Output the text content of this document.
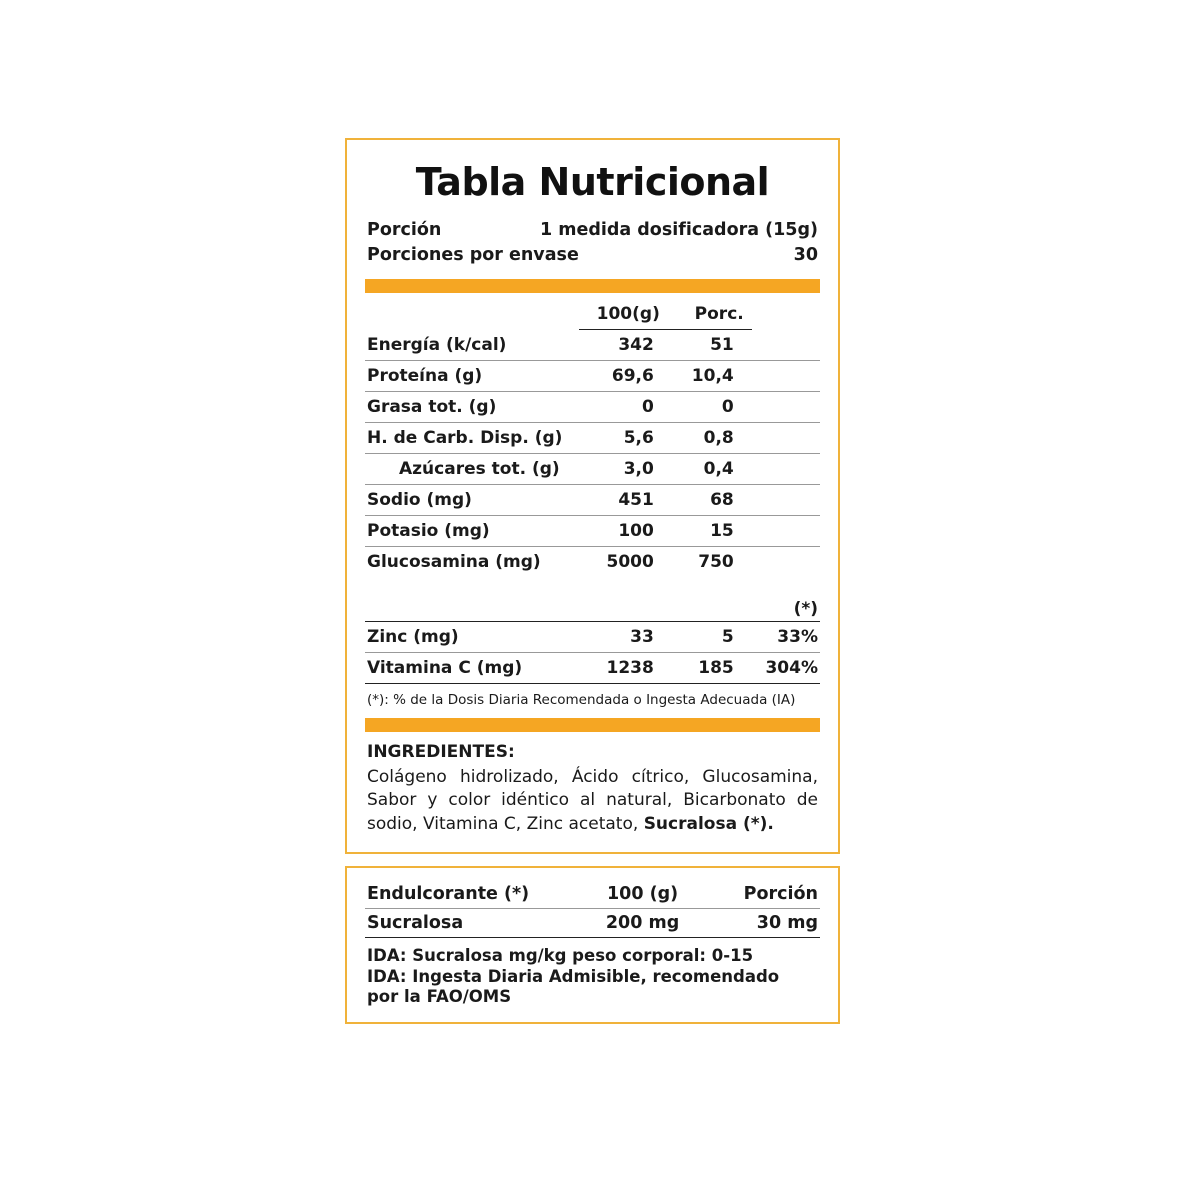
Tabla Nutricional
Porción	1 medida dosificadora (15g)
Porciones por envase	30
	100(g)	Porc.	
Energía (k/cal)	342	51	
Proteína (g)	69,6	10,4	
Grasa tot. (g)	0	0	
H. de Carb. Disp. (g)	5,6	0,8	
Azúcares tot. (g)	3,0	0,4	
Sodio (mg)	451	68	
Potasio (mg)	100	15	
Glucosamina (mg)	5000	750	

			(*)
Zinc (mg)	33	5	33%
Vitamina C (mg)	1238	185	304%
(*): % de la Dosis Diaria Recomendada o Ingesta Adecuada (IA)
INGREDIENTES:
Colágeno hidrolizado, Ácido cítrico, Glucosamina, Sabor y color idéntico al natural, Bicarbonato de sodio, Vitamina C, Zinc acetato, Sucralosa (*).
Endulcorante (*)	100 (g)	Porción
Sucralosa	200 mg	30 mg
IDA: Sucralosa mg/kg peso corporal: 0-15
IDA: Ingesta Diaria Admisible, recomendado
por la FAO/OMS
